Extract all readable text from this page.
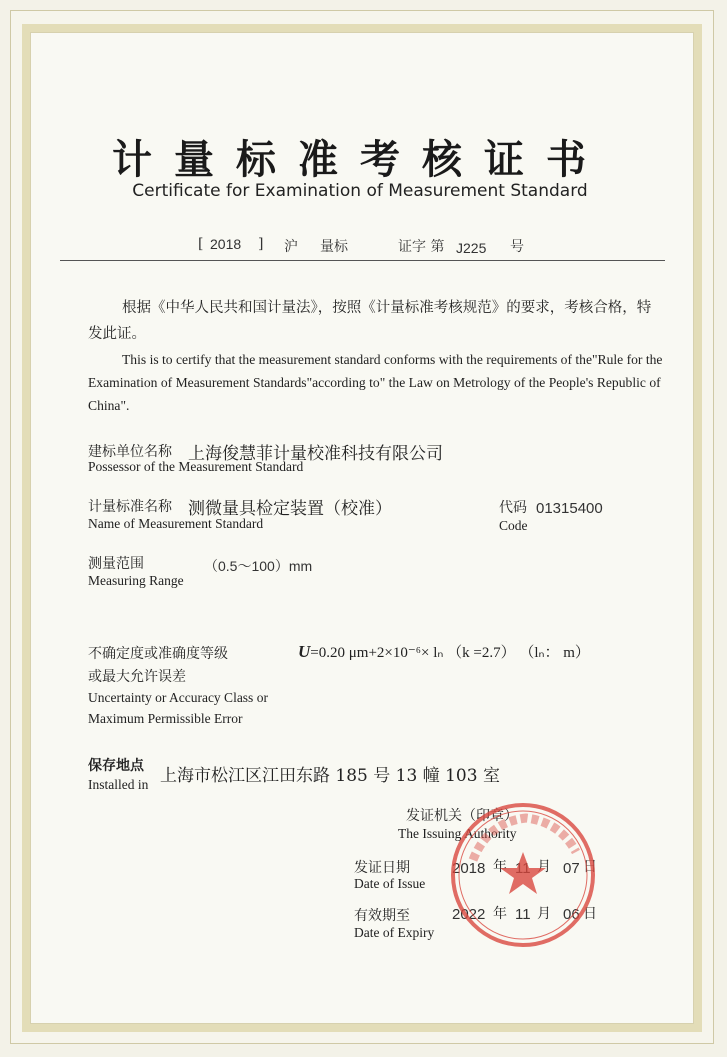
计量标准考核证书
Certificate for Examination of Measurement Standard
[ 2018 ] 沪 量标	证字 第 J225 号
根据《中华人民共和国计量法》，按照《计量标准考核规范》的要求，考核合格，特发此证。
This is to certify that the measurement standard conforms with the requirements of the"Rule for the Examination of Measurement Standards"according to" the Law on Metrology of the People's Republic of China".
建标单位名称 上海俊慧菲计量校准科技有限公司
Possessor of the Measurement Standard
计量标准名称 测微量具检定装置（校准）
Name of Measurement Standard
代码 01315400
Code
测量范围	（0.5～100）mm
Measuring Range
不确定度或准确度等级
或最大允许误差
Uncertainty or Accuracy Class or
Maximum Permissible Error
U=0.20 μm+2×10⁻⁶× lₙ （k =2.7） （lₙ： m）
保存地点 上海市松江区江田东路 185 号 13 幢 103 室
Installed in
发证机关（印章）
The Issuing Authority
发证日期
Date of Issue
2018 年 月 07 日
有效期至
Date of Expiry
2022 年 11 月 06 日
